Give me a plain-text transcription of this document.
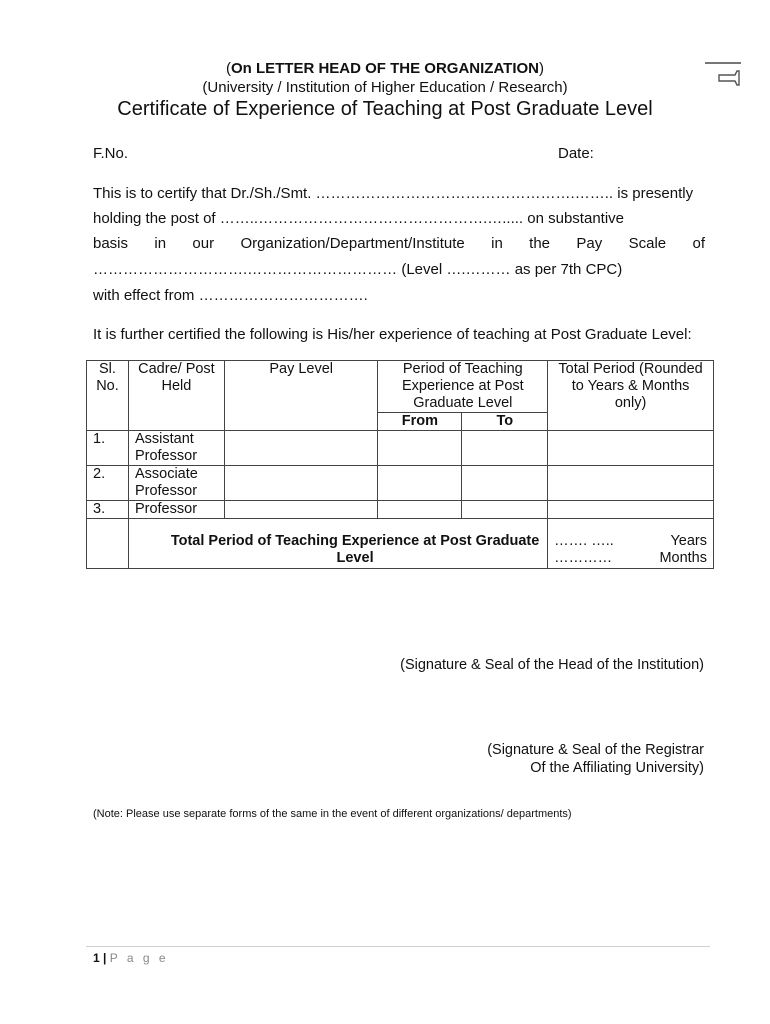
(On LETTER HEAD OF THE ORGANIZATION)
(University / Institution of Higher Education / Research)
Certificate of Experience of Teaching at Post Graduate Level
F.No.	Date:
This is to certify that Dr./Sh./Smt. …………………………………………….…….. is presently
holding the post of ……..……………………………………….…..... on substantive
basis in our Organization/Department/Institute in the Pay Scale of
………………………….………………………… (Level ….……… as per 7th CPC)
with effect from …………………………….
It is further certified the following is His/her experience of teaching at Post Graduate Level:
Sl. No.	Cadre/ Post Held	Pay Level	Period of Teaching Experience at Post Graduate Level		Total Period (Rounded to Years & Months only)
			From	To	
1.	Assistant Professor				
2.	Associate Professor				
3.	Professor				
	Total Period of Teaching Experience at Post Graduate Level				……. ….. Years
………… Months
(Signature & Seal of the Head of the Institution)
(Signature & Seal of the Registrar
Of the Affiliating University)
(Note: Please use separate forms of the same in the event of different organizations/ departments)
1 | P a g e
